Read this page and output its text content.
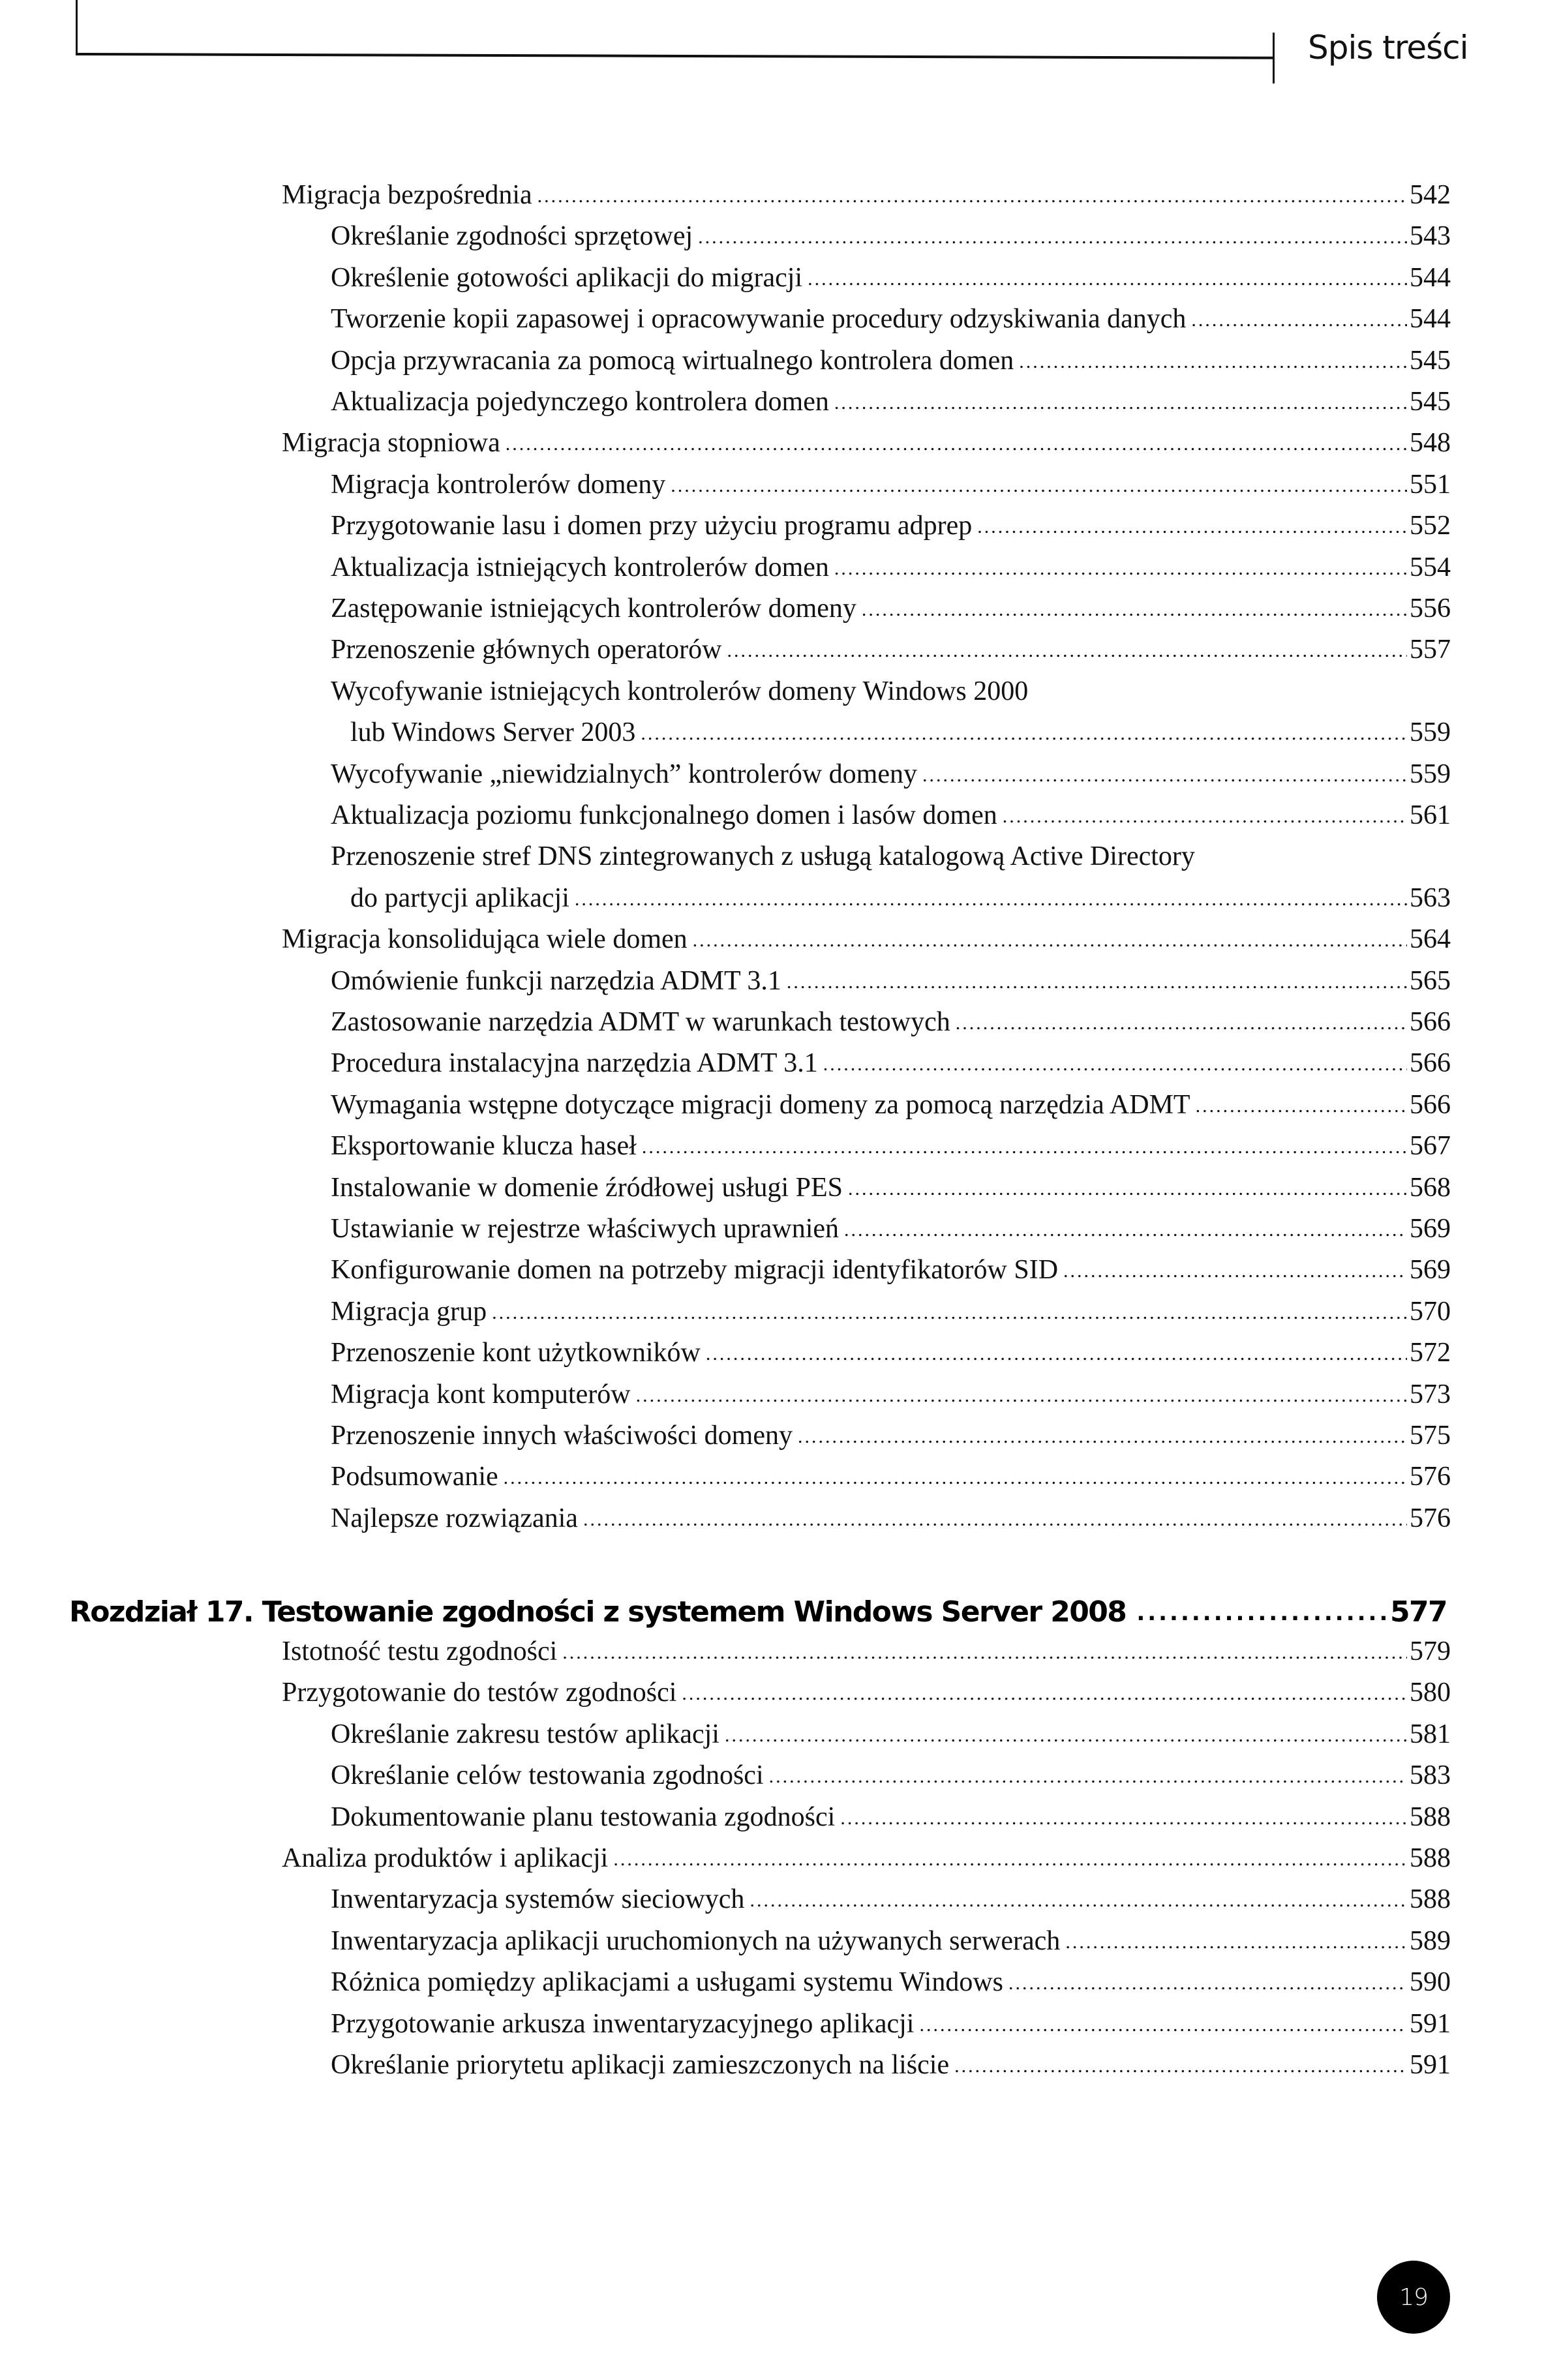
Spis treści
Migracja bezpośrednia .....	542
Określanie zgodności sprzętowej .....	543
Określenie gotowości aplikacji do migracji .....	544
Tworzenie kopii zapasowej i opracowywanie procedury odzyskiwania danych .....	544
Opcja przywracania za pomocą wirtualnego kontrolera domen .....	545
Aktualizacja pojedynczego kontrolera domen .....	545
Migracja stopniowa .....	548
Migracja kontrolerów domeny .....	551
Przygotowanie lasu i domen przy użyciu programu adprep .....	552
Aktualizacja istniejących kontrolerów domen .....	554
Zastępowanie istniejących kontrolerów domeny .....	556
Przenoszenie głównych operatorów .....	557
Wycofywanie istniejących kontrolerów domeny Windows 2000
lub Windows Server 2003 .....	559
Wycofywanie „niewidzialnych” kontrolerów domeny .....	559
Aktualizacja poziomu funkcjonalnego domen i lasów domen .....	561
Przenoszenie stref DNS zintegrowanych z usługą katalogową Active Directory
do partycji aplikacji .....	563
Migracja konsolidująca wiele domen .....	564
Omówienie funkcji narzędzia ADMT 3.1 .....	565
Zastosowanie narzędzia ADMT w warunkach testowych .....	566
Procedura instalacyjna narzędzia ADMT 3.1 .....	566
Wymagania wstępne dotyczące migracji domeny za pomocą narzędzia ADMT .....	566
Eksportowanie klucza haseł .....	567
Instalowanie w domenie źródłowej usługi PES .....	568
Ustawianie w rejestrze właściwych uprawnień .....	569
Konfigurowanie domen na potrzeby migracji identyfikatorów SID .....	569
Migracja grup .....	570
Przenoszenie kont użytkowników .....	572
Migracja kont komputerów .....	573
Przenoszenie innych właściwości domeny .....	575
Podsumowanie .....	576
Najlepsze rozwiązania .....	576
Rozdział 17. Testowanie zgodności z systemem Windows Server 2008 .....	577
Istotność testu zgodności .....	579
Przygotowanie do testów zgodności .....	580
Określanie zakresu testów aplikacji .....	581
Określanie celów testowania zgodności .....	583
Dokumentowanie planu testowania zgodności .....	588
Analiza produktów i aplikacji .....	588
Inwentaryzacja systemów sieciowych .....	588
Inwentaryzacja aplikacji uruchomionych na używanych serwerach .....	589
Różnica pomiędzy aplikacjami a usługami systemu Windows .....	590
Przygotowanie arkusza inwentaryzacyjnego aplikacji .....	591
Określanie priorytetu aplikacji zamieszczonych na liście .....	591
19
